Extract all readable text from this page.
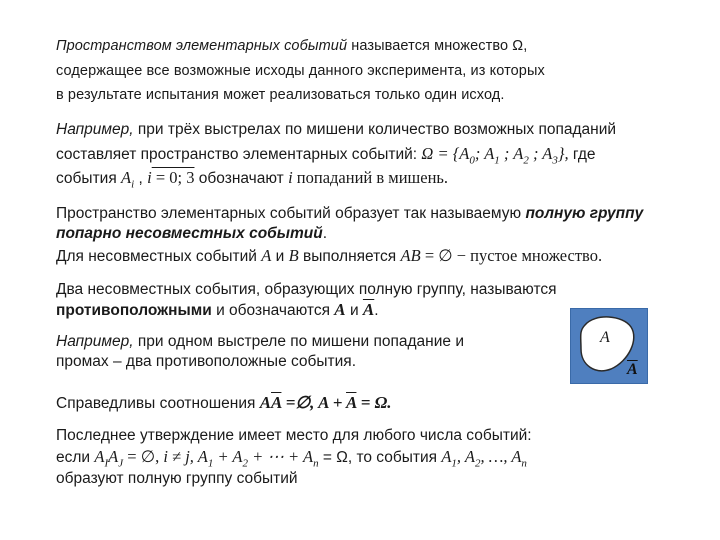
Пространством элементарных событий называется множество Ω,
содержащее все возможные исходы данного эксперимента, из которых
в результате испытания может реализоваться только один исход.
Например, при трёх выстрелах по мишени количество возможных попаданий
составляет пространство элементарных событий: $\Omega = \{A_0$; $A_1$ ; $A_2$ ; $A_3$}, где
события $A_i$ , i = 0; 3 обозначают i попаданий в мишень.
Пространство элементарных событий образует так называемую полную группу
попарно несовместных событий.
Для несовместных событий A и B выполняется AB = ∅ − пустое множество.
Два несовместных события, образующих полную группу, называются
противоположными и обозначаются A и $\overline{A}$.
Например, при одном выстреле по мишени попадание и
промах – два противоположные события.
A
$\overline{A}$
Справедливы соотношения $A\overline{A}$ =∅, $A + \overline{A} = \Omega$.
Последнее утверждение имеет место для любого числа событий:
если $A_IA_J$ = ∅, i ≠ j, $A_1 + A_2$ + ⋯ + $A_n = \Omega$, то события $A_1$, $A_2$, …, $A_n$
образуют полную группу событий
